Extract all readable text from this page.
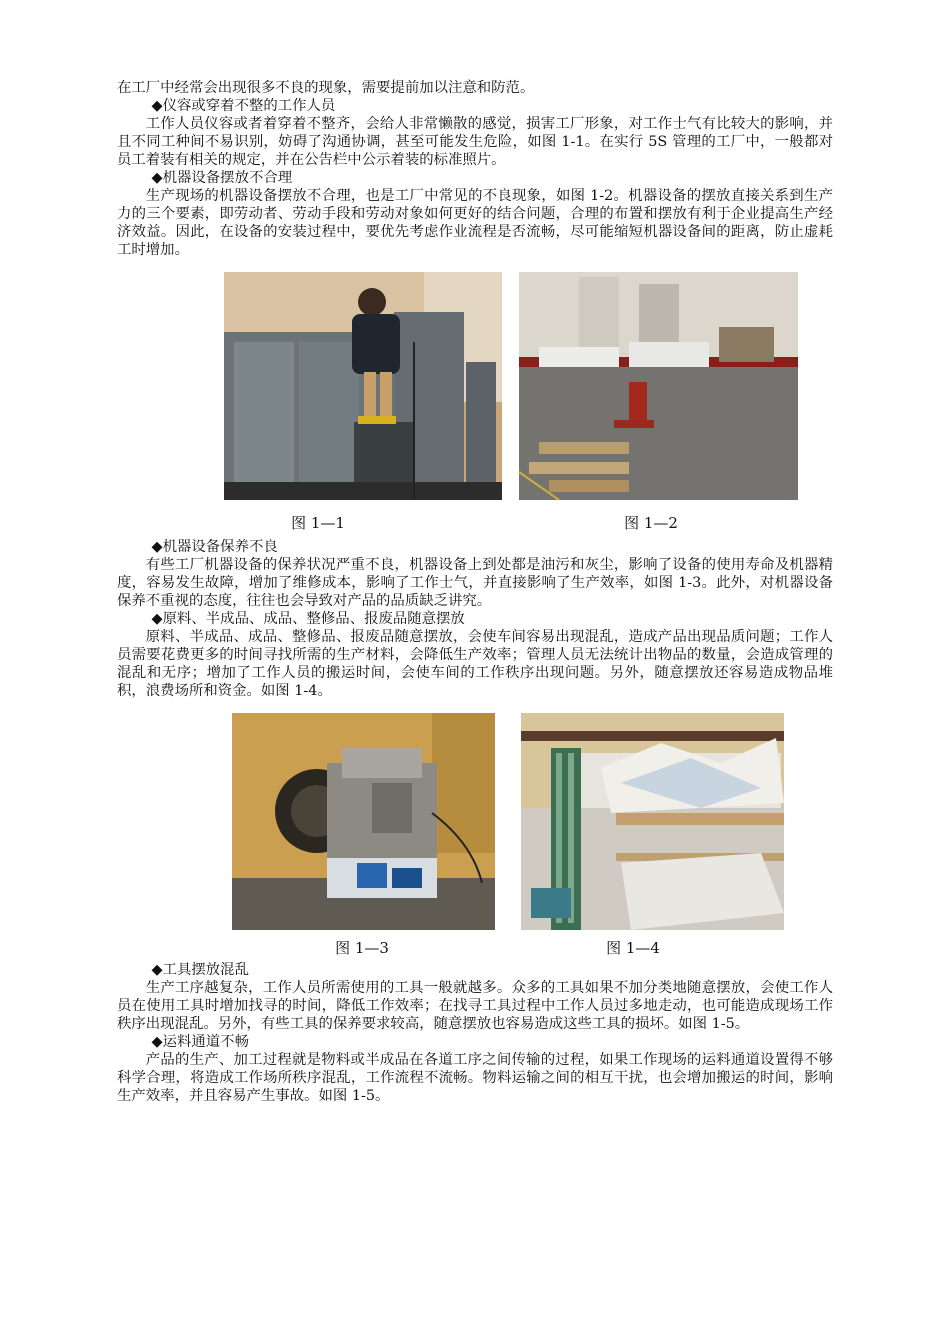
在工厂中经常会出现很多不良的现象，需要提前加以注意和防范。

◆仪容或穿着不整的工作人员

工作人员仪容或者着穿着不整齐，会给人非常懒散的感觉，损害工厂形象，对工作士气有比较大的影响，并且不同工种间不易识别，妨碍了沟通协调，甚至可能发生危险，如图 1-1。在实行 5S 管理的工厂中，一般都对员工着装有相关的规定，并在公告栏中公示着装的标准照片。

◆机器设备摆放不合理

生产现场的机器设备摆放不合理，也是工厂中常见的不良现象，如图 1-2。机器设备的摆放直接关系到生产力的三个要素，即劳动者、劳动手段和劳动对象如何更好的结合问题，合理的布置和摆放有利于企业提高生产经济效益。因此，在设备的安装过程中，要优先考虑作业流程是否流畅，尽可能缩短机器设备间的距离，防止虚耗工时增加。

图 1—1	图 1—2

◆机器设备保养不良

有些工厂机器设备的保养状况严重不良，机器设备上到处都是油污和灰尘，影响了设备的使用寿命及机器精度，容易发生故障，增加了维修成本，影响了工作士气，并直接影响了生产效率，如图 1-3。此外，对机器设备保养不重视的态度，往往也会导致对产品的品质缺乏讲究。

◆原料、半成品、成品、整修品、报废品随意摆放

原料、半成品、成品、整修品、报废品随意摆放，会使车间容易出现混乱，造成产品出现品质问题；工作人员需要花费更多的时间寻找所需的生产材料，会降低生产效率；管理人员无法统计出物品的数量，会造成管理的混乱和无序；增加了工作人员的搬运时间，会使车间的工作秩序出现问题。另外，随意摆放还容易造成物品堆积，浪费场所和资金。如图 1-4。

图 1—3	图 1—4

◆工具摆放混乱

生产工序越复杂，工作人员所需使用的工具一般就越多。众多的工具如果不加分类地随意摆放，会使工作人员在使用工具时增加找寻的时间，降低工作效率；在找寻工具过程中工作人员过多地走动，也可能造成现场工作秩序出现混乱。另外，有些工具的保养要求较高，随意摆放也容易造成这些工具的损坏。如图 1-5。

◆运料通道不畅

产品的生产、加工过程就是物料或半成品在各道工序之间传输的过程，如果工作现场的运料通道设置得不够科学合理，将造成工作场所秩序混乱，工作流程不流畅。物料运输之间的相互干扰，也会增加搬运的时间，影响生产效率，并且容易产生事故。如图 1-5。
